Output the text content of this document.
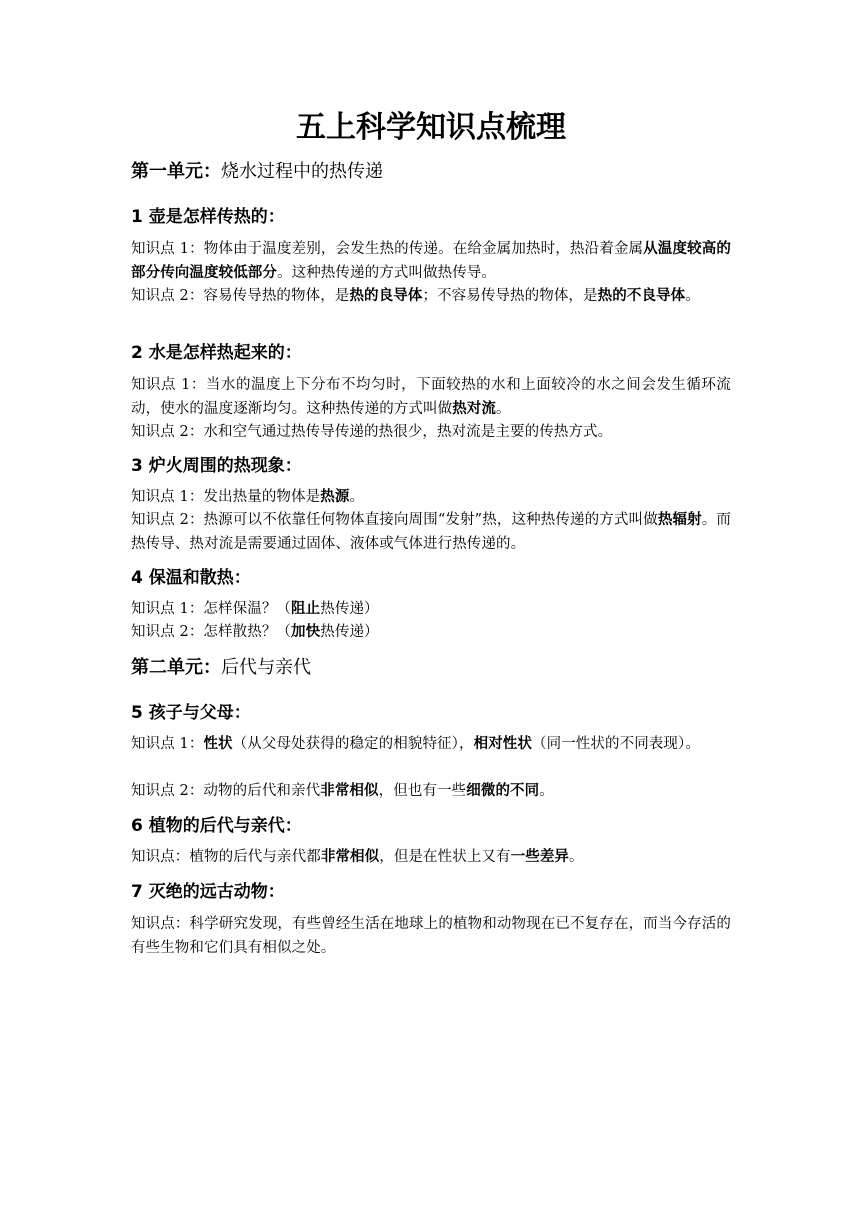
五上科学知识点梳理
第一单元：烧水过程中的热传递
1 壶是怎样传热的：
知识点 1：物体由于温度差别，会发生热的传递。在给金属加热时，热沿着金属从温度较高的部分传向温度较低部分。这种热传递的方式叫做热传导。
知识点 2：容易传导热的物体，是热的良导体；不容易传导热的物体，是热的不良导体。
2 水是怎样热起来的：
知识点 1：当水的温度上下分布不均匀时，下面较热的水和上面较冷的水之间会发生循环流动，使水的温度逐渐均匀。这种热传递的方式叫做热对流。
知识点 2：水和空气通过热传导传递的热很少，热对流是主要的传热方式。
3 炉火周围的热现象：
知识点 1：发出热量的物体是热源。
知识点 2：热源可以不依靠任何物体直接向周围“发射”热，这种热传递的方式叫做热辐射。而热传导、热对流是需要通过固体、液体或气体进行热传递的。
4 保温和散热：
知识点 1：怎样保温？（阻止热传递）
知识点 2：怎样散热？（加快热传递）
第二单元：后代与亲代
5 孩子与父母：
知识点 1：性状（从父母处获得的稳定的相貌特征），相对性状（同一性状的不同表现）。
知识点 2：动物的后代和亲代非常相似，但也有一些细微的不同。
6 植物的后代与亲代：
知识点：植物的后代与亲代都非常相似，但是在性状上又有一些差异。
7 灭绝的远古动物：
知识点：科学研究发现，有些曾经生活在地球上的植物和动物现在已不复存在，而当今存活的有些生物和它们具有相似之处。
